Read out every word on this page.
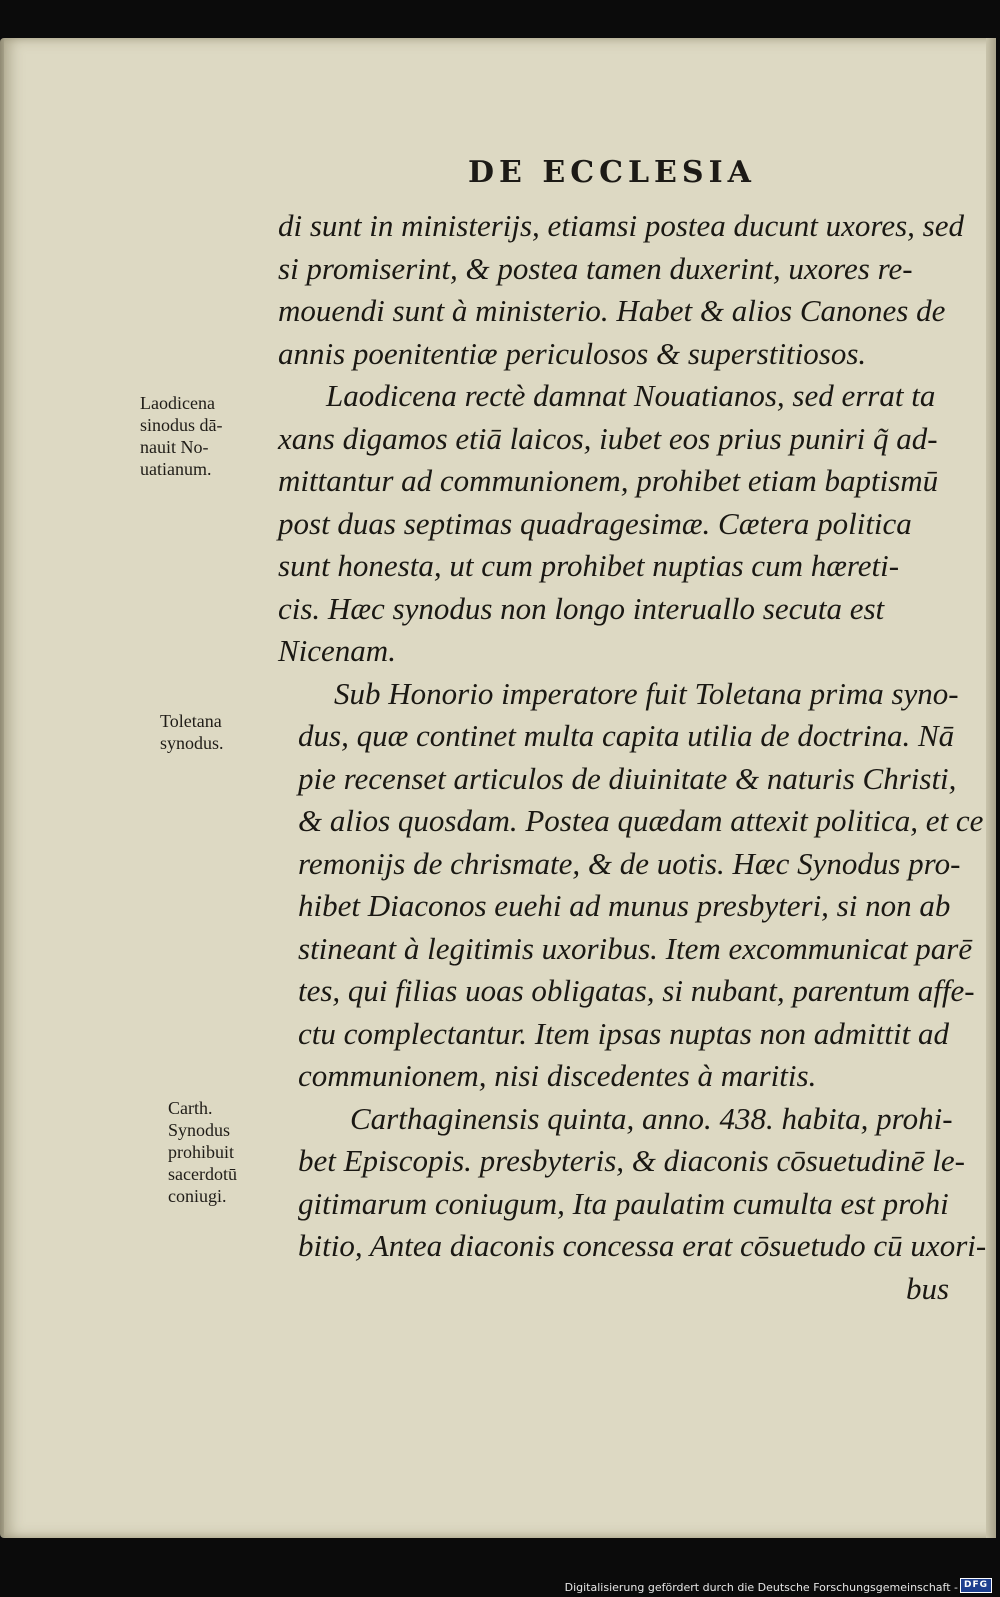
DE ECCLESIA
di sunt in ministerijs, etiamsi postea ducunt uxores, sed
si promiserint, & postea tamen duxerint, uxores re-
mouendi sunt à ministerio. Habet & alios Canones de
annis poenitentiæ periculosos & superstitiosos.
Laodicena rectè damnat Nouatianos, sed errat ta
xans digamos etiā laicos, iubet eos prius puniri q̃ ad-
mittantur ad communionem, prohibet etiam baptismū
post duas septimas quadragesimæ. Cætera politica
sunt honesta, ut cum prohibet nuptias cum hæreti-
cis. Hæc synodus non longo interuallo secuta est
Nicenam.
Sub Honorio imperatore fuit Toletana prima syno-
dus, quæ continet multa capita utilia de doctrina. Nā
pie recenset articulos de diuinitate & naturis Christi,
& alios quosdam. Postea quædam attexit politica, et ce
remonijs de chrismate, & de uotis. Hæc Synodus pro-
hibet Diaconos euehi ad munus presbyteri, si non ab
stineant à legitimis uxoribus. Item excommunicat parē
tes, qui filias uoas obligatas, si nubant, parentum affe-
ctu complectantur. Item ipsas nuptas non admittit ad
communionem, nisi discedentes à maritis.
Carthaginensis quinta, anno. 438. habita, prohi-
bet Episcopis. presbyteris, & diaconis cōsuetudinē le-
gitimarum coniugum, Ita paulatim cumulta est prohi
bitio, Antea diaconis concessa erat cōsuetudo cū uxori-
bus
Laodicena
sinodus dā-
nauit No-
uatianum.
Toletana
synodus.
Carth.
Synodus
prohibuit
sacerdotū
coniugi.
Digitalisierung gefördert durch die Deutsche Forschungsgemeinschaft - DFG
